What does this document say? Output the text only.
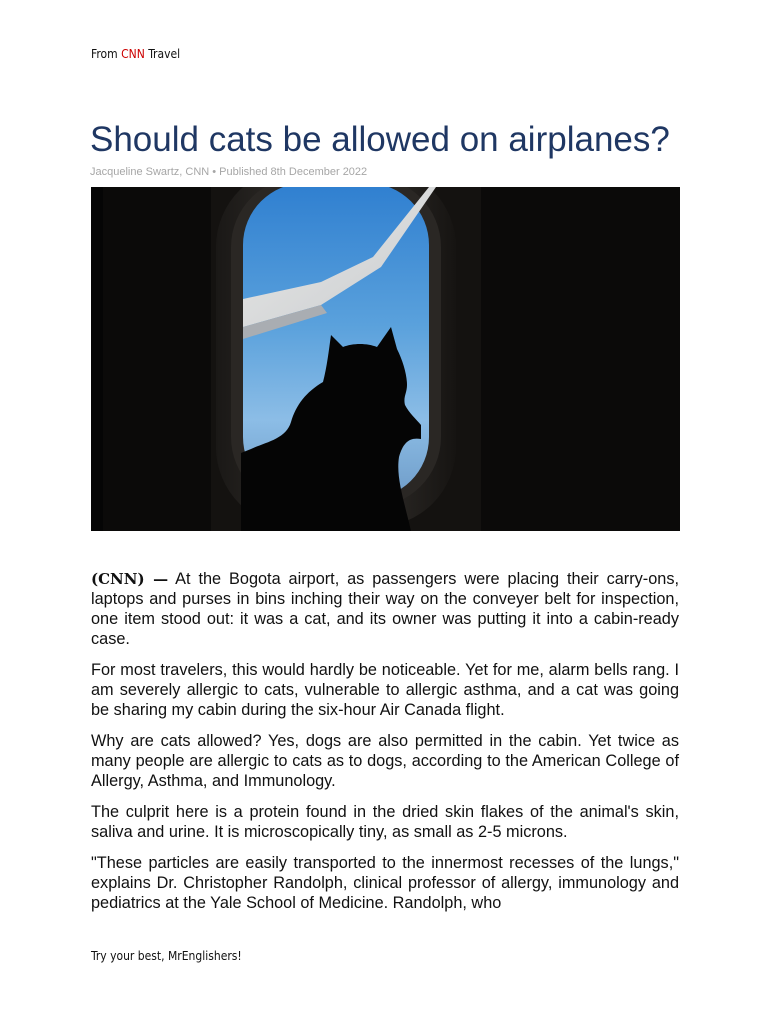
From CNN Travel
Should cats be allowed on airplanes?
Jacqueline Swartz, CNN • Published 8th December 2022

(CNN) — At the Bogota airport, as passengers were placing their carry-ons, laptops and purses in bins inching their way on the conveyer belt for inspection, one item stood out: it was a cat, and its owner was putting it into a cabin-ready case.

For most travelers, this would hardly be noticeable. Yet for me, alarm bells rang. I am severely allergic to cats, vulnerable to allergic asthma, and a cat was going be sharing my cabin during the six-hour Air Canada flight.

Why are cats allowed? Yes, dogs are also permitted in the cabin. Yet twice as many people are allergic to cats as to dogs, according to the American College of Allergy, Asthma, and Immunology.

The culprit here is a protein found in the dried skin flakes of the animal's skin, saliva and urine. It is microscopically tiny, as small as 2-5 microns.

"These particles are easily transported to the innermost recesses of the lungs," explains Dr. Christopher Randolph, clinical professor of allergy, immunology and pediatrics at the Yale School of Medicine. Randolph, who

Try your best, MrEnglishers!
